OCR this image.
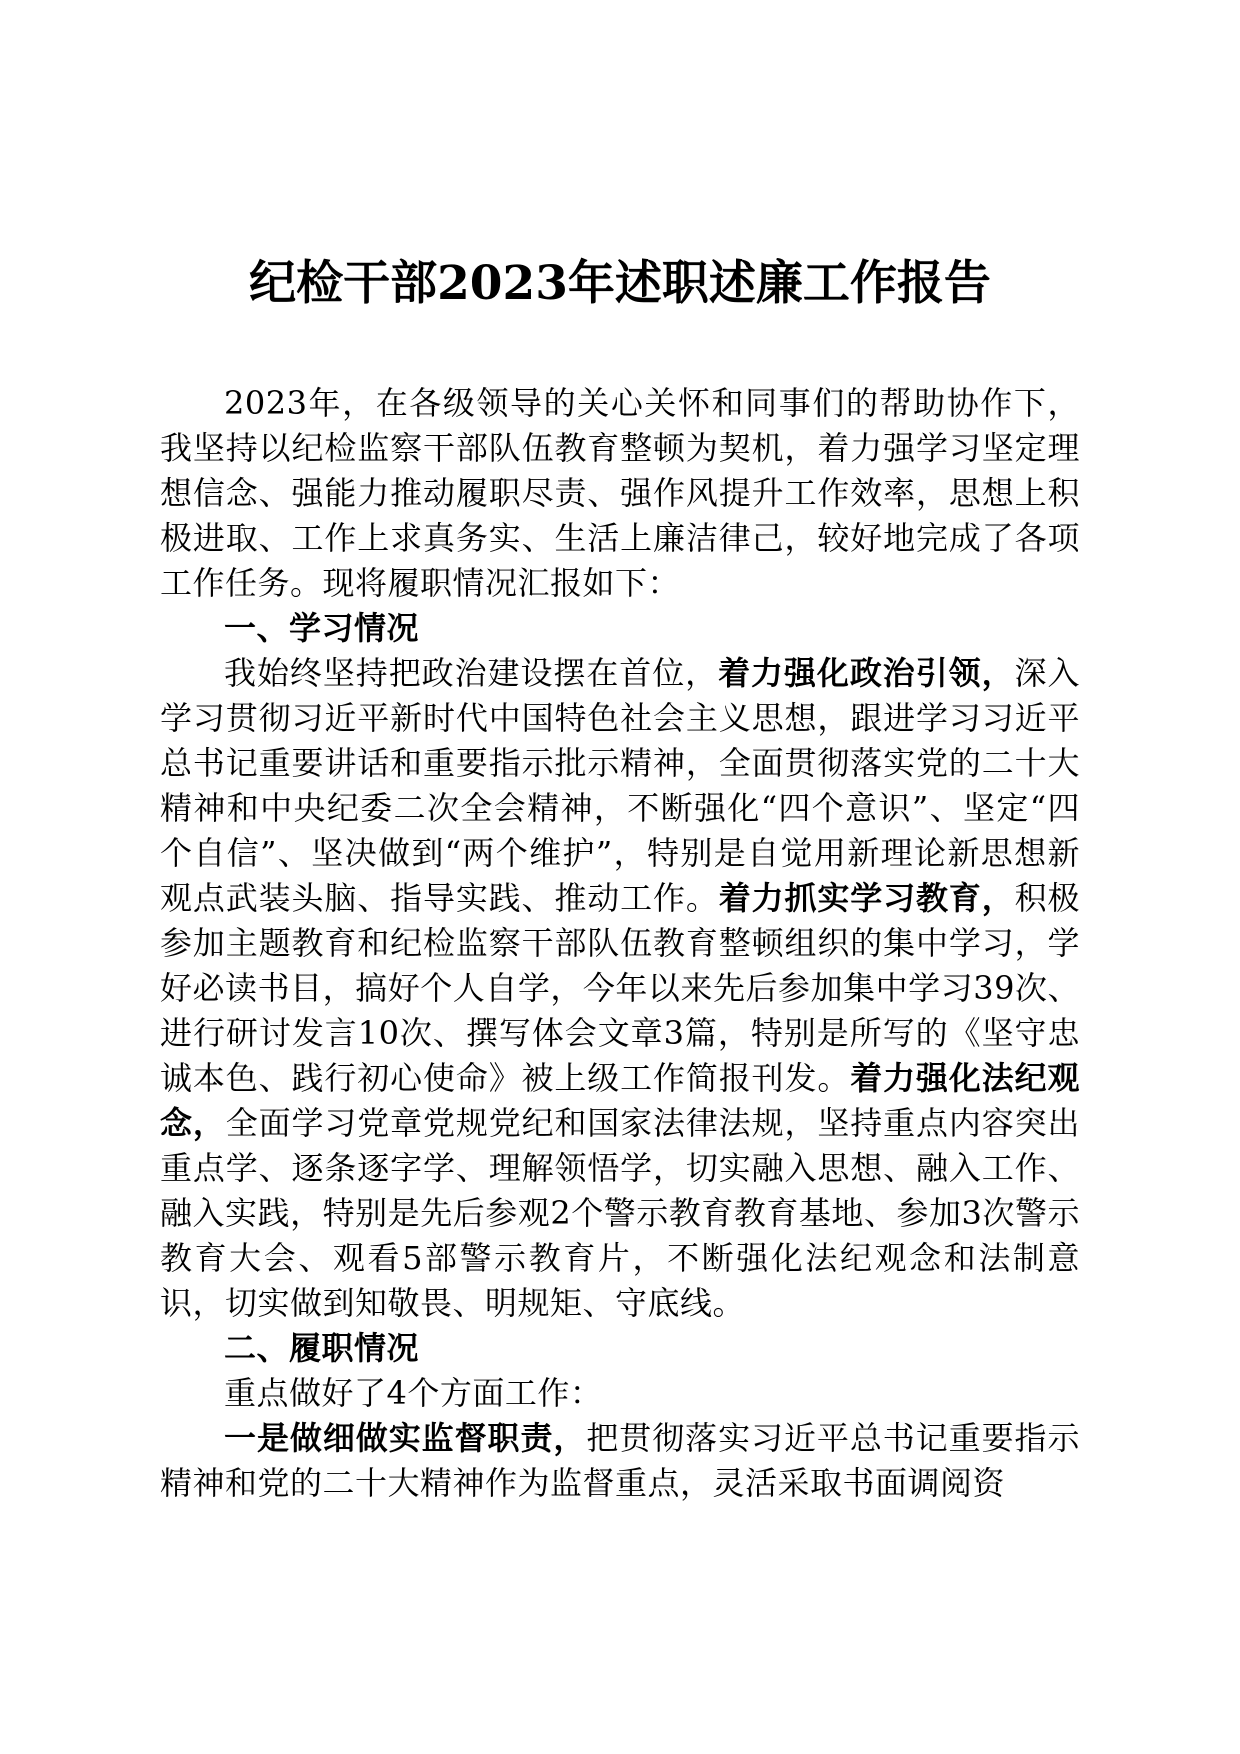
纪检干部2023年述职述廉工作报告

2023年，在各级领导的关心关怀和同事们的帮助协作下，我坚持以纪检监察干部队伍教育整顿为契机，着力强学习坚定理想信念、强能力推动履职尽责、强作风提升工作效率，思想上积极进取、工作上求真务实、生活上廉洁律己，较好地完成了各项工作任务。现将履职情况汇报如下：

一、学习情况

我始终坚持把政治建设摆在首位，着力强化政治引领，深入学习贯彻习近平新时代中国特色社会主义思想，跟进学习习近平总书记重要讲话和重要指示批示精神，全面贯彻落实党的二十大精神和中央纪委二次全会精神，不断强化“四个意识”、坚定“四个自信”、坚决做到“两个维护”，特别是自觉用新理论新思想新观点武装头脑、指导实践、推动工作。着力抓实学习教育，积极参加主题教育和纪检监察干部队伍教育整顿组织的集中学习，学好必读书目，搞好个人自学，今年以来先后参加集中学习39次、进行研讨发言10次、撰写体会文章3篇，特别是所写的《坚守忠诚本色、践行初心使命》被上级工作简报刊发。着力强化法纪观念，全面学习党章党规党纪和国家法律法规，坚持重点内容突出重点学、逐条逐字学、理解领悟学，切实融入思想、融入工作、融入实践，特别是先后参观2个警示教育教育基地、参加3次警示教育大会、观看5部警示教育片，不断强化法纪观念和法制意识，切实做到知敬畏、明规矩、守底线。

二、履职情况

重点做好了4个方面工作：

一是做细做实监督职责，把贯彻落实习近平总书记重要指示精神和党的二十大精神作为监督重点，灵活采取书面调阅资
